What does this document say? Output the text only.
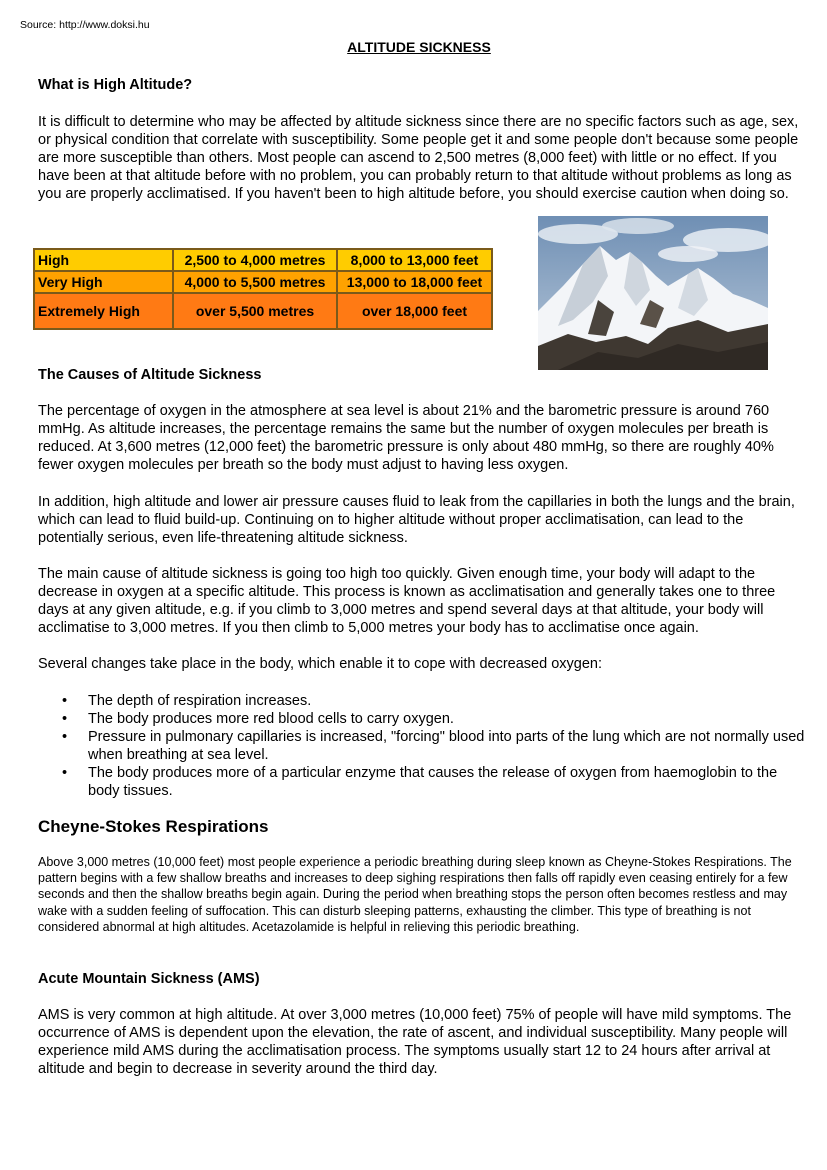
Source: http://www.doksi.hu
ALTITUDE SICKNESS
What is High Altitude?

It is difficult to determine who may be affected by altitude sickness since there are no specific factors such as age, sex, or physical condition that correlate with susceptibility. Some people get it and some people don't because some people are more susceptible than others. Most people can ascend to 2,500 metres (8,000 feet) with little or no effect. If you have been at that altitude before with no problem, you can probably return to that altitude without problems as long as you are properly acclimatised. If you haven't been to high altitude before, you should exercise caution when doing so.

High	2,500 to 4,000 metres	8,000 to 13,000 feet
Very High	4,000 to 5,500 metres	13,000 to 18,000 feet
Extremely High	over 5,500 metres	over 18,000 feet
The Causes of Altitude Sickness

The percentage of oxygen in the atmosphere at sea level is about 21% and the barometric pressure is around 760 mmHg. As altitude increases, the percentage remains the same but the number of oxygen molecules per breath is reduced. At 3,600 metres (12,000 feet) the barometric pressure is only about 480 mmHg, so there are roughly 40% fewer oxygen molecules per breath so the body must adjust to having less oxygen.

In addition, high altitude and lower air pressure causes fluid to leak from the capillaries in both the lungs and the brain, which can lead to fluid build-up. Continuing on to higher altitude without proper acclimatisation, can lead to the potentially serious, even life-threatening altitude sickness.

The main cause of altitude sickness is going too high too quickly. Given enough time, your body will adapt to the decrease in oxygen at a specific altitude. This process is known as acclimatisation and generally takes one to three days at any given altitude, e.g. if you climb to 3,000 metres and spend several days at that altitude, your body will acclimatise to 3,000 metres. If you then climb to 5,000 metres your body has to acclimatise once again.

Several changes take place in the body, which enable it to cope with decreased oxygen:

• The depth of respiration increases.
• The body produces more red blood cells to carry oxygen.
• Pressure in pulmonary capillaries is increased, "forcing" blood into parts of the lung which are not normally used when breathing at sea level.
• The body produces more of a particular enzyme that causes the release of oxygen from haemoglobin to the body tissues.
Cheyne-Stokes Respirations

Above 3,000 metres (10,000 feet) most people experience a periodic breathing during sleep known as Cheyne-Stokes Respirations. The pattern begins with a few shallow breaths and increases to deep sighing respirations then falls off rapidly even ceasing entirely for a few seconds and then the shallow breaths begin again. During the period when breathing stops the person often becomes restless and may wake with a sudden feeling of suffocation. This can disturb sleeping patterns, exhausting the climber. This type of breathing is not considered abnormal at high altitudes. Acetazolamide is helpful in relieving this periodic breathing.

Acute Mountain Sickness (AMS)

AMS is very common at high altitude. At over 3,000 metres (10,000 feet) 75% of people will have mild symptoms. The occurrence of AMS is dependent upon the elevation, the rate of ascent, and individual susceptibility. Many people will experience mild AMS during the acclimatisation process. The symptoms usually start 12 to 24 hours after arrival at altitude and begin to decrease in severity around the third day.
